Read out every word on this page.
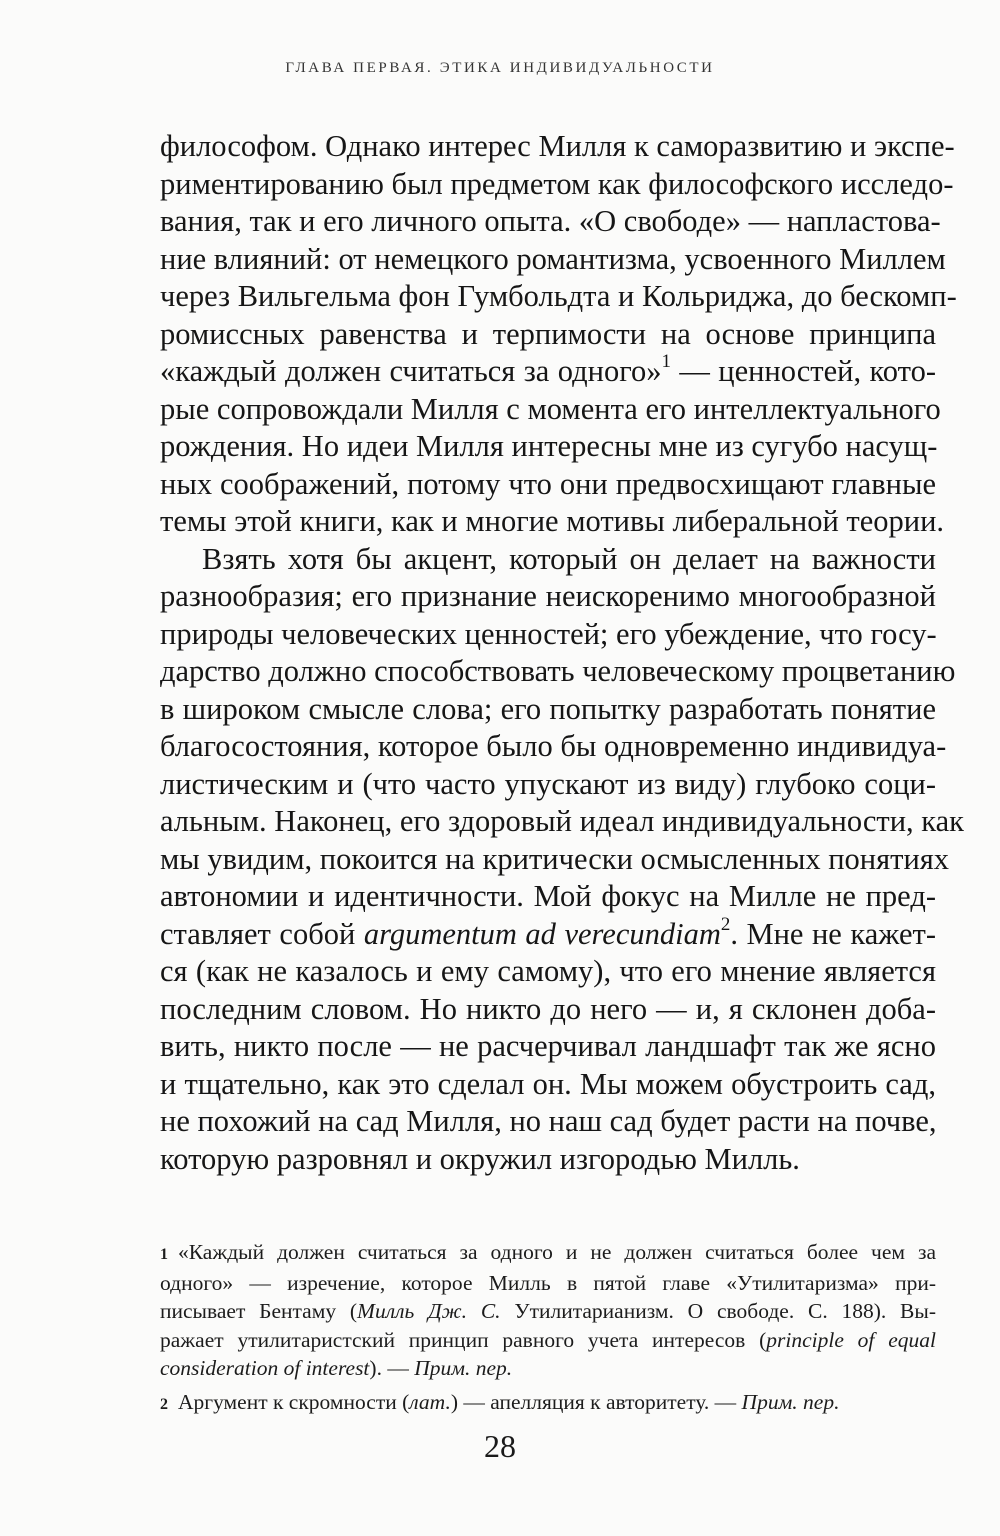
ГЛАВА ПЕРВАЯ. ЭТИКА ИНДИВИДУАЛЬНОСТИ

философом. Однако интерес Милля к саморазвитию и экспе-

риментированию был предметом как философского исследо-

вания, так и его личного опыта. «О свободе» — напластова-

ние влияний: от немецкого романтизма, усвоенного Миллем

через Вильгельма фон Гумбольдта и Кольриджа, до бескомп-

ромиссных равенства и терпимости на основе принципа

«каждый должен считаться за одного»$^1$ — ценностей, кото-

рые сопровождали Милля с момента его интеллектуального

рождения. Но идеи Милля интересны мне из сугубо насущ-

ных соображений, потому что они предвосхищают главные

темы этой книги, как и многие мотивы либеральной теории.

Взять хотя бы акцент, который он делает на важности

разнообразия; его признание неискоренимо многообразной

природы человеческих ценностей; его убеждение, что госу-

дарство должно способствовать человеческому процветанию

в широком смысле слова; его попытку разработать понятие

благосостояния, которое было бы одновременно индивидуа-

листическим и (что часто упускают из виду) глубоко соци-

альным. Наконец, его здоровый идеал индивидуальности, как

мы увидим, покоится на критически осмысленных понятиях

автономии и идентичности. Мой фокус на Милле не пред-

ставляет собой argumentum ad verecundiam$^2$. Мне не кажет-

ся (как не казалось и ему самому), что его мнение является

последним словом. Но никто до него — и, я склонен доба-

вить, никто после — не расчерчивал ландшафт так же ясно

и тщательно, как это сделал он. Мы можем обустроить сад,

не похожий на сад Милля, но наш сад будет расти на почве,

которую разровнял и окружил изгородью Милль.

1 «Каждый должен считаться за одного и не должен считаться более чем за
одного» — изречение, которое Милль в пятой главе «Утилитаризма» при-
писывает Бентаму (Милль Дж. С. Утилитарианизм. О свободе. С. 188). Вы-
ражает утилитаристский принцип равного учета интересов (principle of equal
consideration of interest). — Прим. пер.
2 Аргумент к скромности (лат.) — апелляция к авторитету. — Прим. пер.
28
